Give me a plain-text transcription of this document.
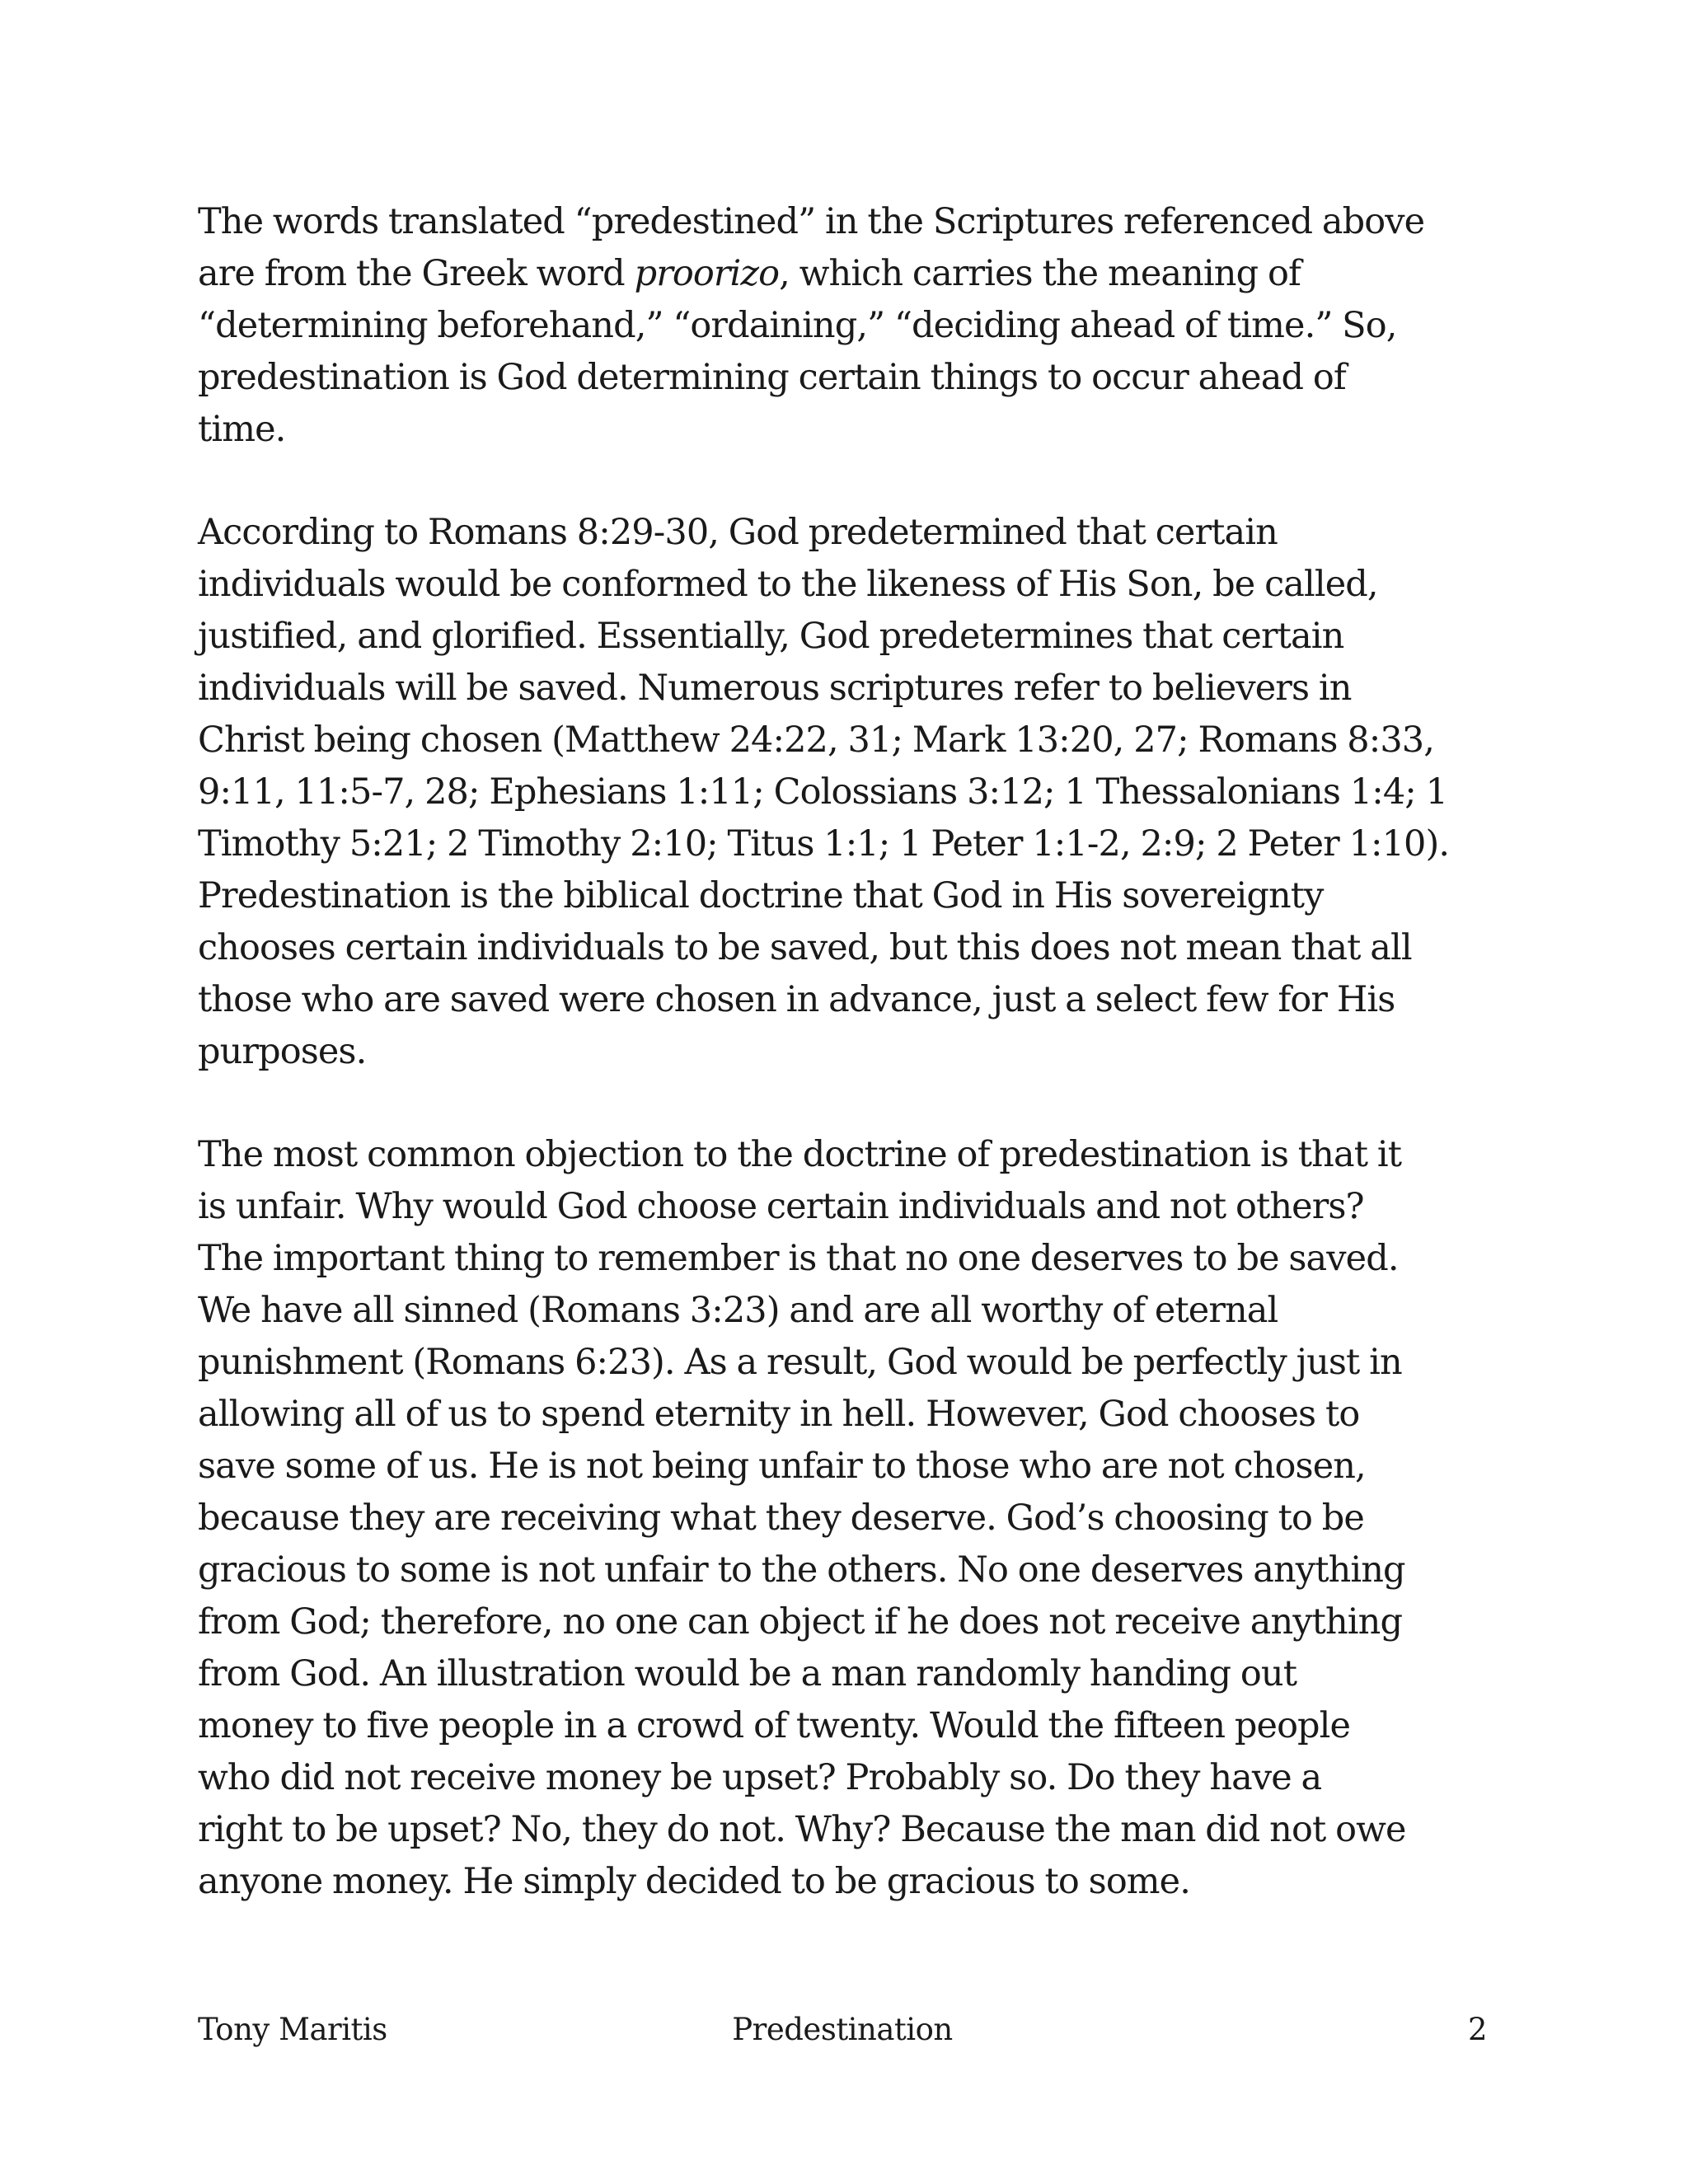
The words translated “predestined” in the Scriptures referenced above
are from the Greek word proorizo, which carries the meaning of
“determining beforehand,” “ordaining,” “deciding ahead of time.” So,
predestination is God determining certain things to occur ahead of
time.

According to Romans 8:29-30, God predetermined that certain
individuals would be conformed to the likeness of His Son, be called,
justified, and glorified. Essentially, God predetermines that certain
individuals will be saved. Numerous scriptures refer to believers in
Christ being chosen (Matthew 24:22, 31; Mark 13:20, 27; Romans 8:33,
9:11, 11:5-7, 28; Ephesians 1:11; Colossians 3:12; 1 Thessalonians 1:4; 1
Timothy 5:21; 2 Timothy 2:10; Titus 1:1; 1 Peter 1:1-2, 2:9; 2 Peter 1:10).
Predestination is the biblical doctrine that God in His sovereignty
chooses certain individuals to be saved, but this does not mean that all
those who are saved were chosen in advance, just a select few for His
purposes.

The most common objection to the doctrine of predestination is that it
is unfair. Why would God choose certain individuals and not others?
The important thing to remember is that no one deserves to be saved.
We have all sinned (Romans 3:23) and are all worthy of eternal
punishment (Romans 6:23). As a result, God would be perfectly just in
allowing all of us to spend eternity in hell. However, God chooses to
save some of us. He is not being unfair to those who are not chosen,
because they are receiving what they deserve. God’s choosing to be
gracious to some is not unfair to the others. No one deserves anything
from God; therefore, no one can object if he does not receive anything
from God. An illustration would be a man randomly handing out
money to five people in a crowd of twenty. Would the fifteen people
who did not receive money be upset? Probably so. Do they have a
right to be upset? No, they do not. Why? Because the man did not owe
anyone money. He simply decided to be gracious to some.

Tony Maritis	Predestination	2
